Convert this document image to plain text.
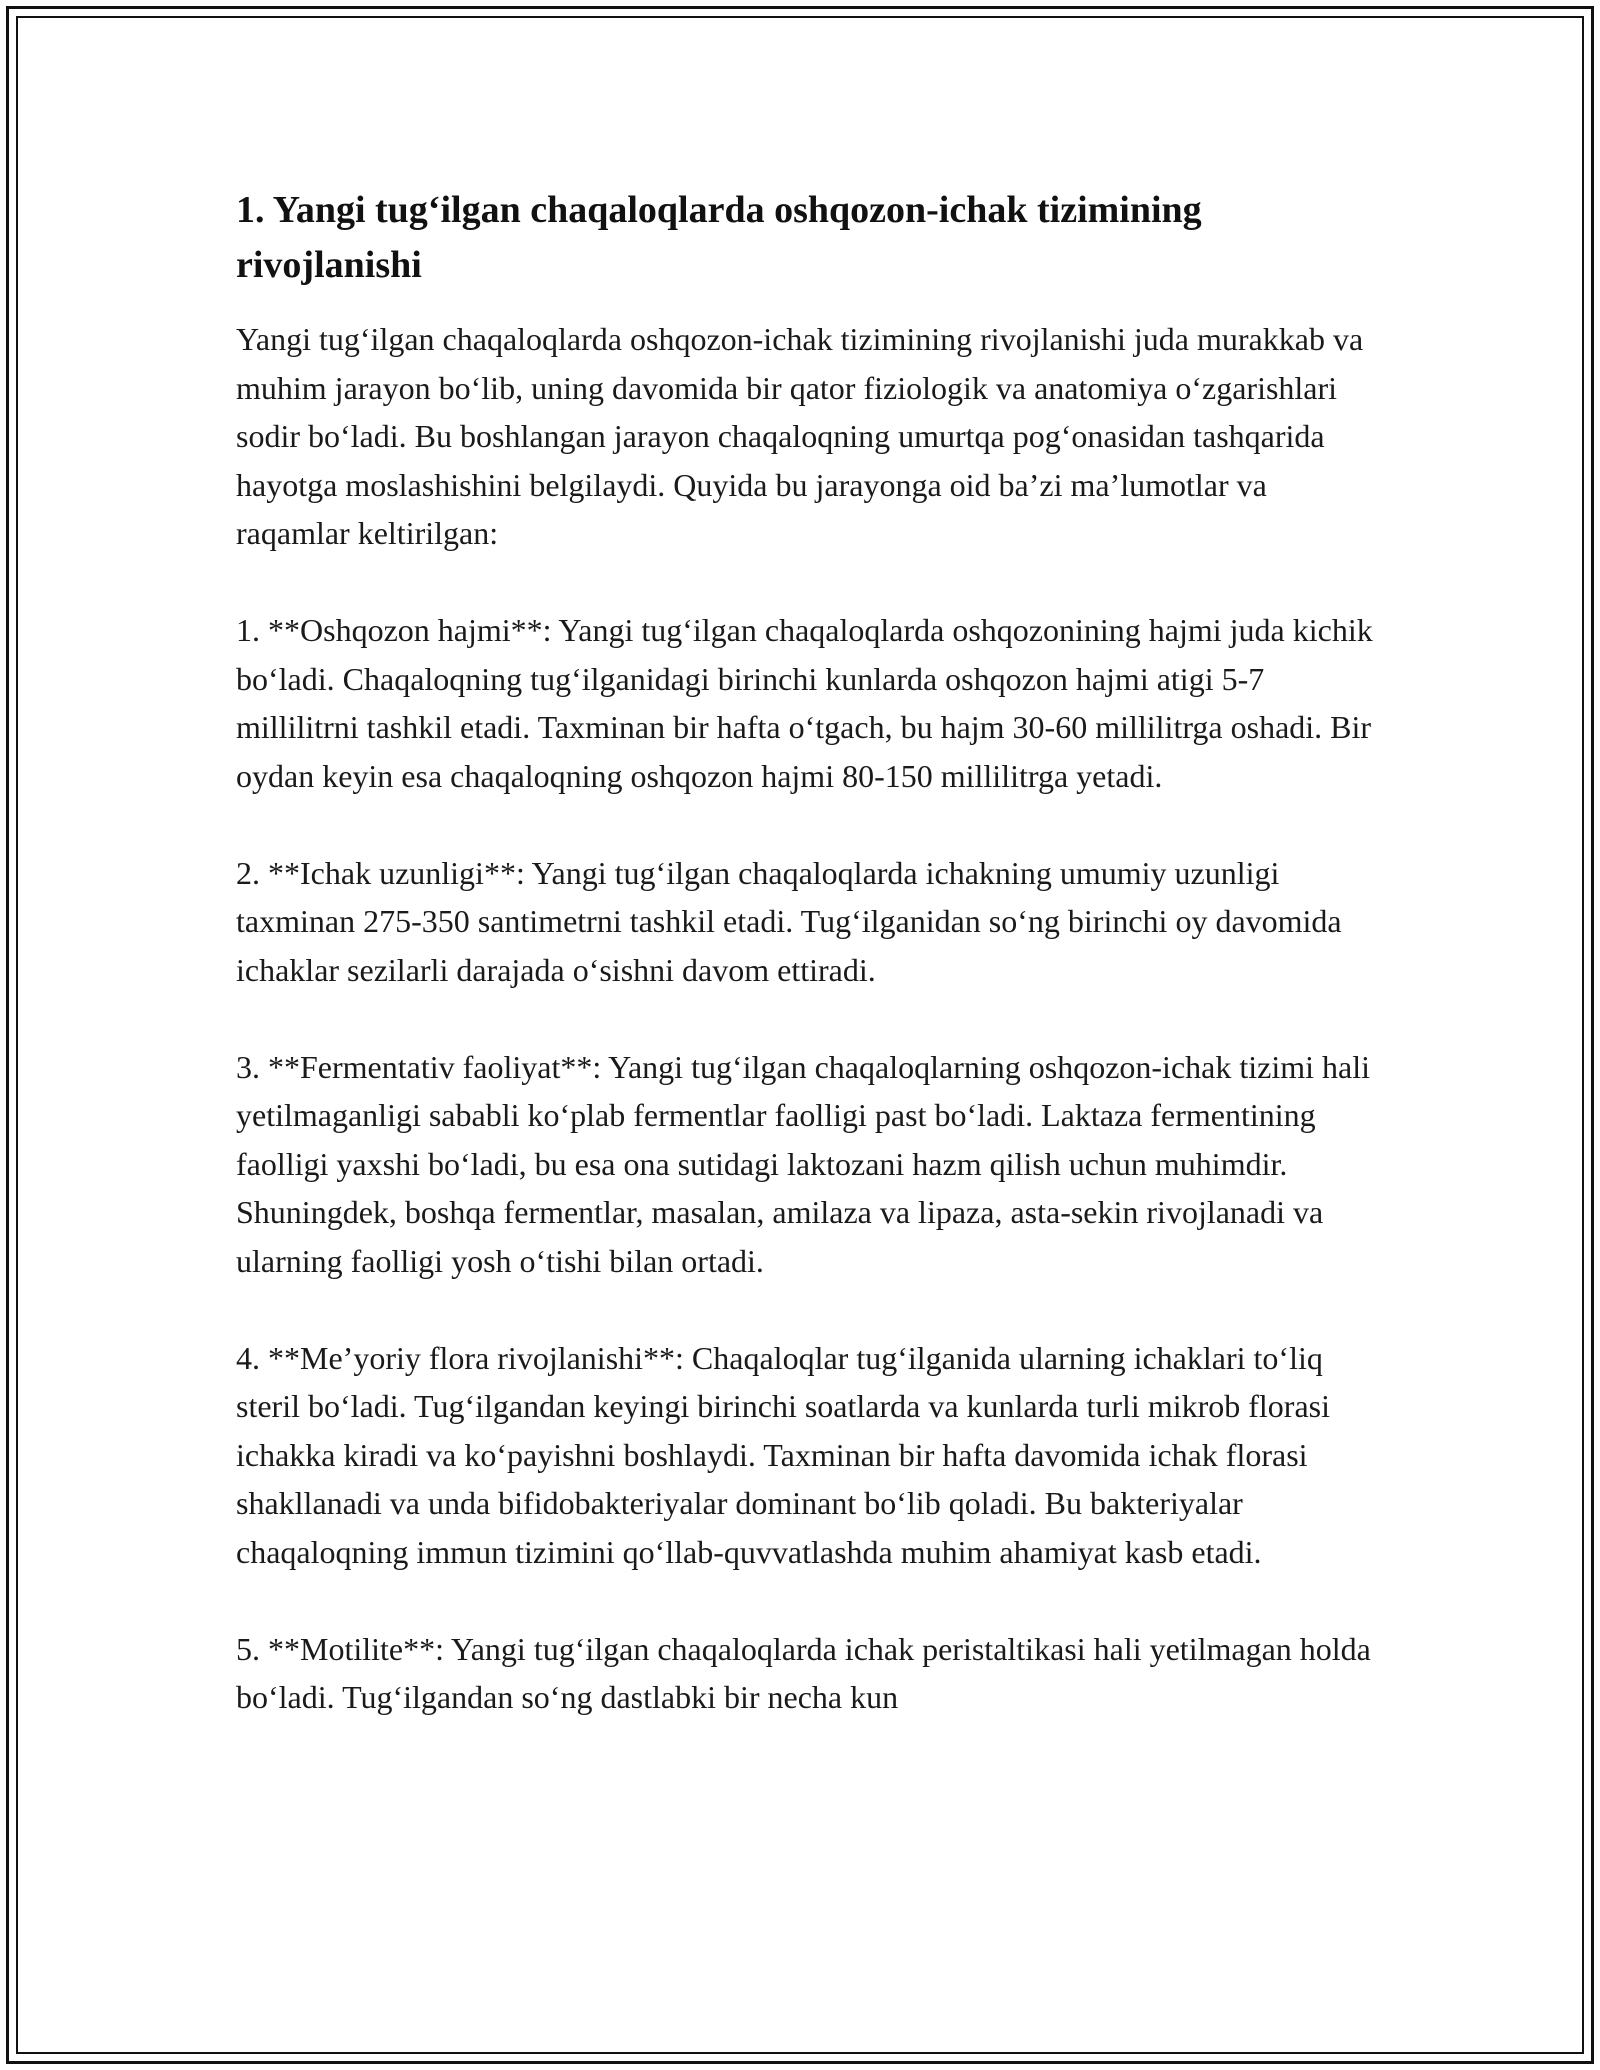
1. Yangi tug‘ilgan chaqaloqlarda oshqozon-ichak tizimining rivojlanishi

Yangi tug‘ilgan chaqaloqlarda oshqozon-ichak tizimining rivojlanishi juda murakkab va muhim jarayon bo‘lib, uning davomida bir qator fiziologik va anatomiya o‘zgarishlari sodir bo‘ladi. Bu boshlangan jarayon chaqaloqning umurtqa pog‘onasidan tashqarida hayotga moslashishini belgilaydi. Quyida bu jarayonga oid ba’zi ma’lumotlar va raqamlar keltirilgan:

1. **Oshqozon hajmi**: Yangi tug‘ilgan chaqaloqlarda oshqozonining hajmi juda kichik bo‘ladi. Chaqaloqning tug‘ilganidagi birinchi kunlarda oshqozon hajmi atigi 5-7 millilitrni tashkil etadi. Taxminan bir hafta o‘tgach, bu hajm 30-60 millilitrga oshadi. Bir oydan keyin esa chaqaloqning oshqozon hajmi 80-150 millilitrga yetadi.

2. **Ichak uzunligi**: Yangi tug‘ilgan chaqaloqlarda ichakning umumiy uzunligi taxminan 275-350 santimetrni tashkil etadi. Tug‘ilganidan so‘ng birinchi oy davomida ichaklar sezilarli darajada o‘sishni davom ettiradi.

3. **Fermentativ faoliyat**: Yangi tug‘ilgan chaqaloqlarning oshqozon-ichak tizimi hali yetilmaganligi sababli ko‘plab fermentlar faolligi past bo‘ladi. Laktaza fermentining faolligi yaxshi bo‘ladi, bu esa ona sutidagi laktozani hazm qilish uchun muhimdir. Shuningdek, boshqa fermentlar, masalan, amilaza va lipaza, asta-sekin rivojlanadi va ularning faolligi yosh o‘tishi bilan ortadi.

4. **Me’yoriy flora rivojlanishi**: Chaqaloqlar tug‘ilganida ularning ichaklari to‘liq steril bo‘ladi. Tug‘ilgandan keyingi birinchi soatlarda va kunlarda turli mikrob florasi ichakka kiradi va ko‘payishni boshlaydi. Taxminan bir hafta davomida ichak florasi shakllanadi va unda bifidobakteriyalar dominant bo‘lib qoladi. Bu bakteriyalar chaqaloqning immun tizimini qo‘llab-quvvatlashda muhim ahamiyat kasb etadi.

5. **Motilite**: Yangi tug‘ilgan chaqaloqlarda ichak peristaltikasi hali yetilmagan holda bo‘ladi. Tug‘ilgandan so‘ng dastlabki bir necha kun
